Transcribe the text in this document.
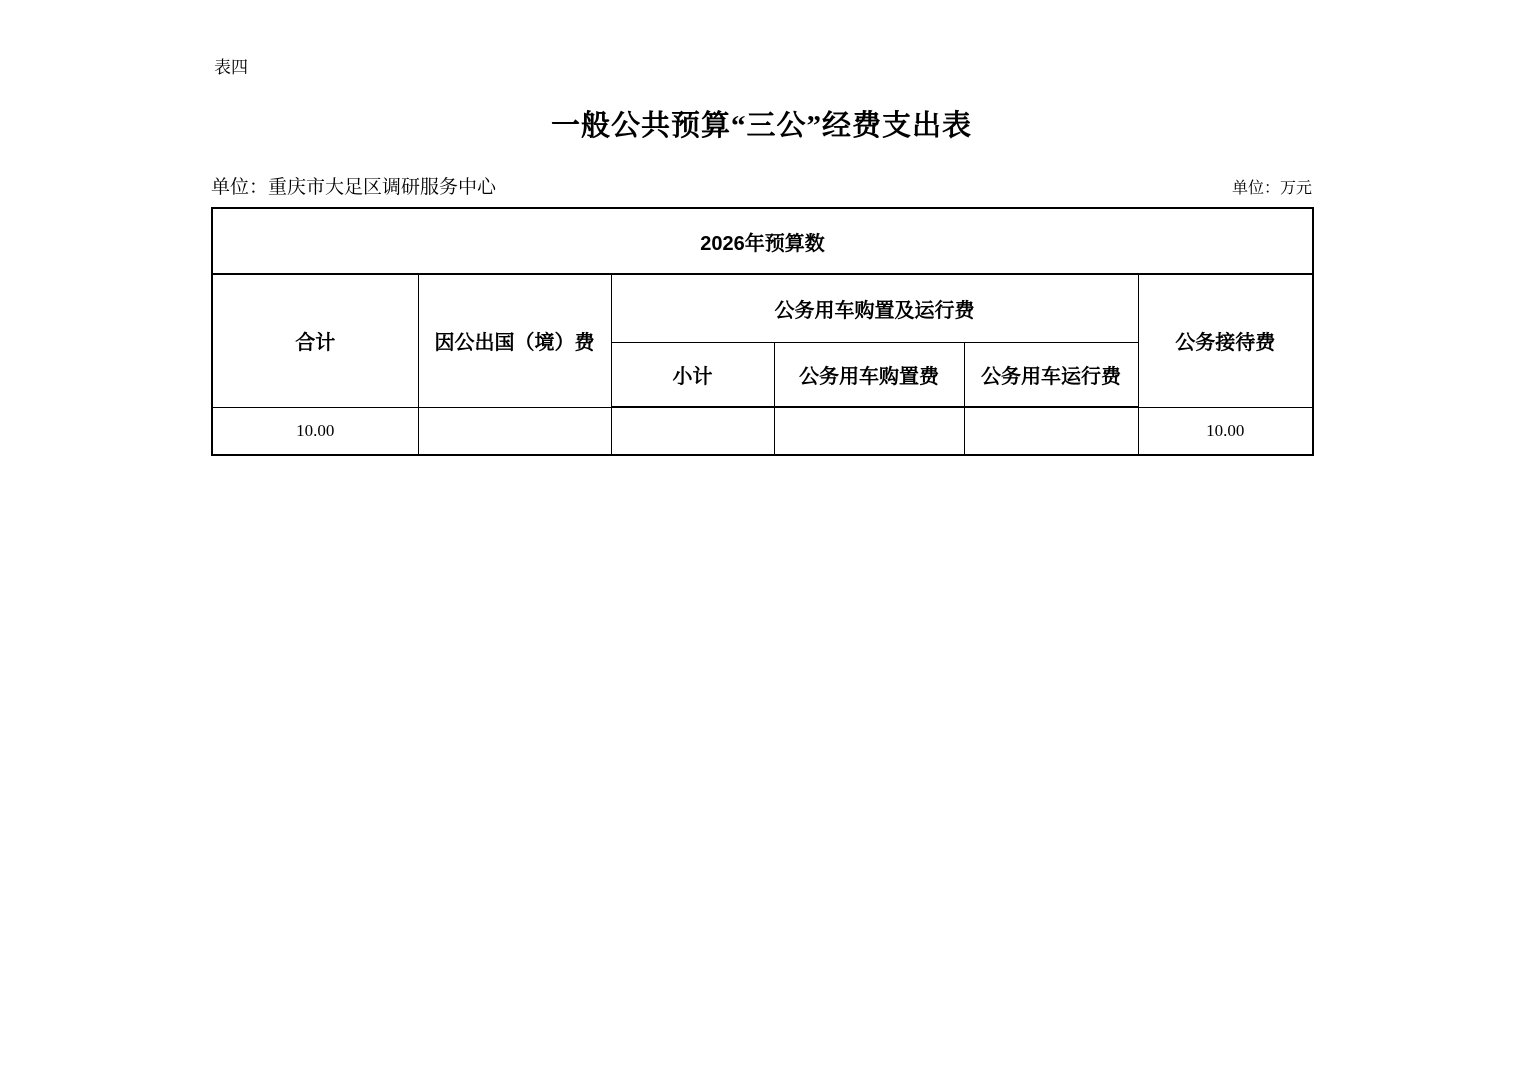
表四
一般公共预算“三公”经费支出表
单位：重庆市大足区调研服务中心	单位：万元
2026年预算数					
合计	因公出国（境）费	公务用车购置及运行费			公务接待费
		小计	公务用车购置费	公务用车运行费	
10.00					10.00
